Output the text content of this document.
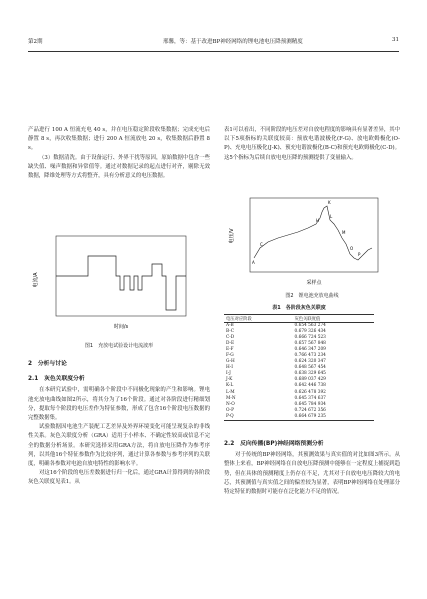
第2期	邢馨，等：基于改进BP神经网络的锂电池电压降预测精度	31

产品进行 100 A 恒流充电 40 s，并在电压稳定阶段收集数据；完成充电后静置 8 s，再次收集数据；进行 200 A 恒流放电 20 s，收集数据后静置 8 s。

（3）数据清洗。由于设备运行、外界干扰等原因，原始数据中包含一些缺失值、噪声数据和异常值等。通过对数据记录的起点进行对齐，剔除无效数据，降维处理等方式将整齐，具有分析意义的电压数据。

电流/A
时间/s
图1　充放电试验设计电流波形

2　分析与讨论

2.1　灰色关联度分析

在本研究试验中，需明确各个阶段中不同极化现象的产生和影响。锂电池充放电曲线如图2所示，将其分为了16个阶段。通过对各阶段进行精细划分，提取每个阶段的电压差作为特征参数，形成了包含16个阶段电压数据的完整数据集。

试验数据因电池生产装配工艺差异及外界环境变化可能呈现复杂的非线性关系。灰色关联度分析（GRA）适用于小样本、不确定性较高或信息不完全的数据分析场景。本研究选择采用GRA方法，将自放电压降作为参考序列，以其他16个特征参数作为比较序列，通过计算各参数与参考序列的关联度，明确各参数对电池自放电特性的影响水平。

对这16个阶段的电压差数据进行归一化后，通过GRA计算得到的各阶段灰色关联度见表1。从

表1可以看出，不同阶段的电压差对自放电程度的影响具有显著差异，其中以下5项指标的关联度较高：预放电谐波极化(F-G)、放电欧姆极化(O-P)、充电电压极化(J-K)、预充电谐波极化(B-C)和预充电欧姆极化(C-D)。这5个指标为后续自放电电压降的预测提供了变量输入。

A
C
H
K
L
M
O
P
电压/V
采样点
图2　锂电池充放电曲线
表1　各阶段灰色关联度
电压对应阶段	灰色关联度值
A-B	0.654 563 274
B-C	0.679 326 434
C-D	0.666 724 523
D-E	0.657 567 848
E-F	0.646 347 209
F-G	0.766 473 234
G-H	0.624 320 347
H-I	0.648 567 454
I-J	0.638 329 645
J-K	0.689 037 429
K-L	0.642 446 738
L-M	0.626 478 392
M-N	0.645 374 637
N-O	0.645 784 934
O-P	0.724 672 356
P-Q	0.664 679 235

2.2　反向传播(BP)神经网络预测分析

对于传统的BP神经网络，其预测效果与真实值的对比如图3所示。从整体上来看，BP神经网络在自放电压降预测中能够在一定程度上捕捉到趋势，但在具体的预测精度上仍存在不足，尤其对于自放电电压降较大的电芯，其预测值与真实值之间的偏差较为显著，表明BP神经网络在处理部分特定特征的数据时可能存在泛化能力不足的情况。
